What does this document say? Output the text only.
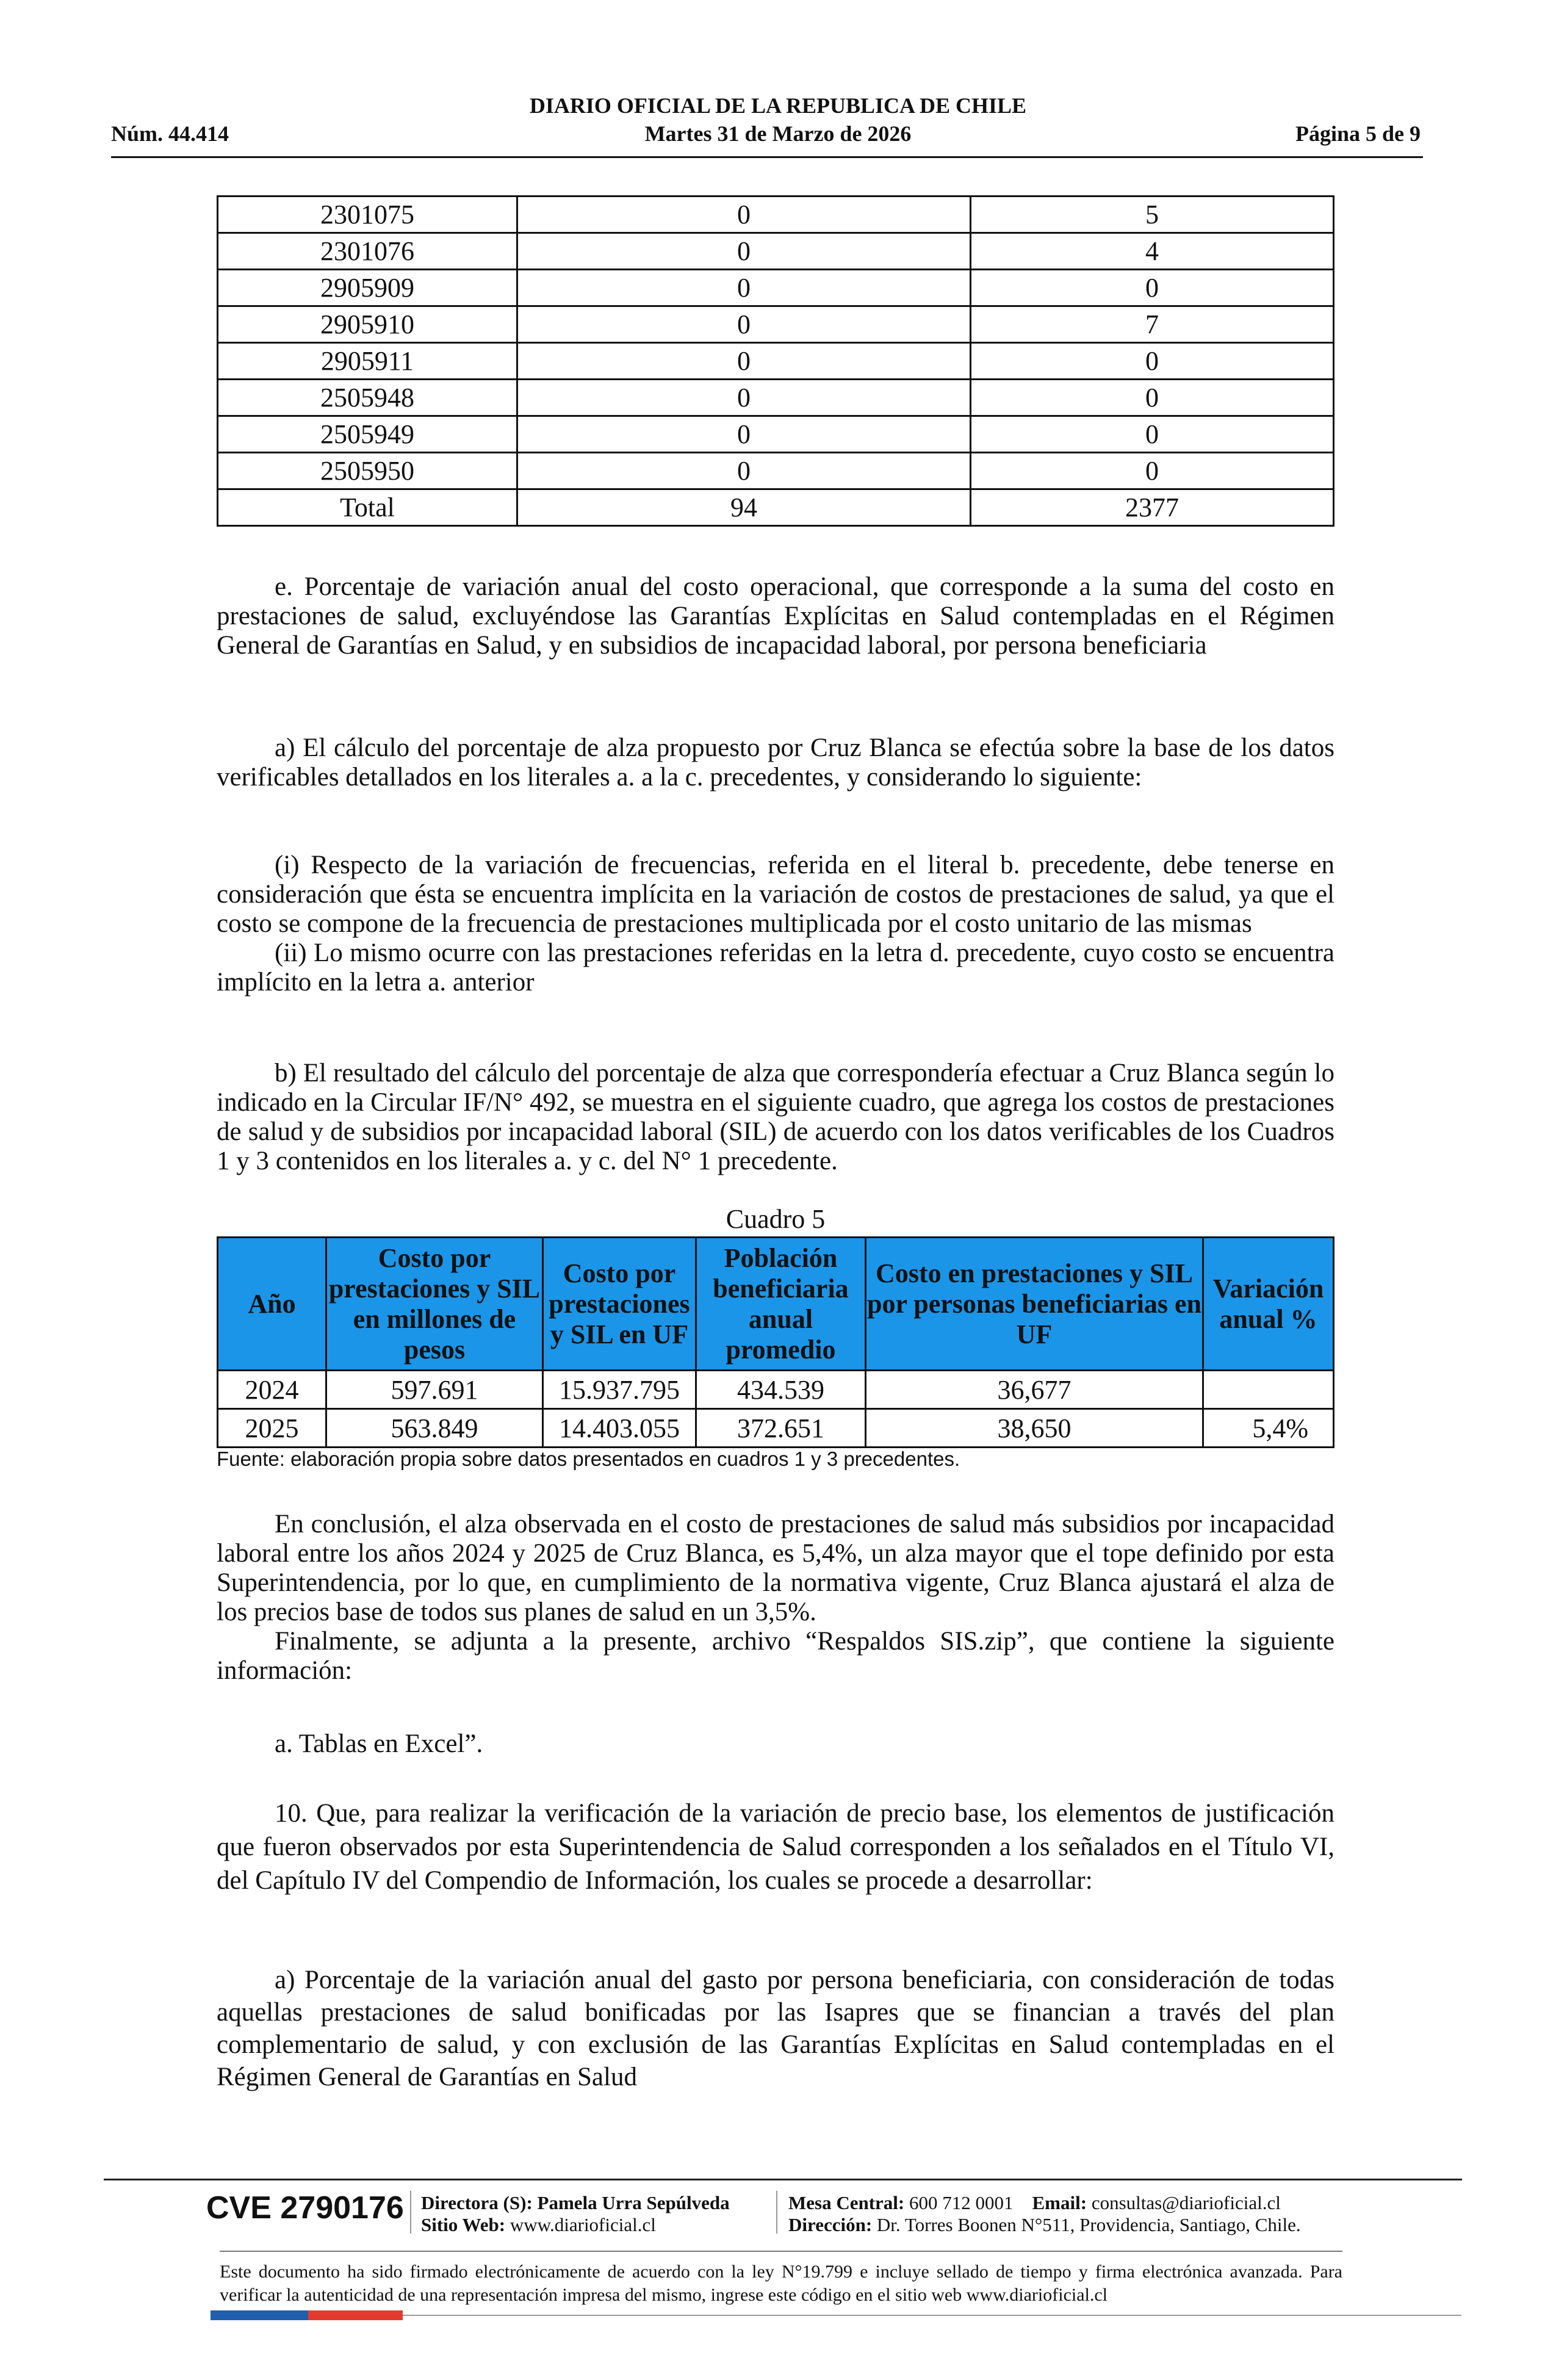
DIARIO OFICIAL DE LA REPUBLICA DE CHILE
Núm. 44.414	Martes 31 de Marzo de 2026	Página 5 de 9
2301075	0	5
2301076	0	4
2905909	0	0
2905910	0	7
2905911	0	0
2505948	0	0
2505949	0	0
2505950	0	0
Total	94	2377

e. Porcentaje de variación anual del costo operacional, que corresponde a la suma del costo en prestaciones de salud, excluyéndose las Garantías Explícitas en Salud contempladas en el Régimen General de Garantías en Salud, y en subsidios de incapacidad laboral, por persona beneficiaria

a) El cálculo del porcentaje de alza propuesto por Cruz Blanca se efectúa sobre la base de los datos verificables detallados en los literales a. a la c. precedentes, y considerando lo siguiente:

(i) Respecto de la variación de frecuencias, referida en el literal b. precedente, debe tenerse en consideración que ésta se encuentra implícita en la variación de costos de prestaciones de salud, ya que el costo se compone de la frecuencia de prestaciones multiplicada por el costo unitario de las mismas

(ii) Lo mismo ocurre con las prestaciones referidas en la letra d. precedente, cuyo costo se encuentra implícito en la letra a. anterior

b) El resultado del cálculo del porcentaje de alza que correspondería efectuar a Cruz Blanca según lo indicado en la Circular IF/N° 492, se muestra en el siguiente cuadro, que agrega los costos de prestaciones de salud y de subsidios por incapacidad laboral (SIL) de acuerdo con los datos verificables de los Cuadros 1 y 3 contenidos en los literales a. y c. del N° 1 precedente.

Cuadro 5
Año	Costo por prestaciones y SIL en millones de pesos	Costo por prestaciones y SIL en UF	Población beneficiaria anual promedio	Costo en prestaciones y SIL por personas beneficiarias en UF	Variación anual %
2024	597.691	15.937.795	434.539	36,677	
2025	563.849	14.403.055	372.651	38,650	5,4%
Fuente: elaboración propia sobre datos presentados en cuadros 1 y 3 precedentes.

En conclusión, el alza observada en el costo de prestaciones de salud más subsidios por incapacidad laboral entre los años 2024 y 2025 de Cruz Blanca, es 5,4%, un alza mayor que el tope definido por esta Superintendencia, por lo que, en cumplimiento de la normativa vigente, Cruz Blanca ajustará el alza de los precios base de todos sus planes de salud en un 3,5%.

Finalmente, se adjunta a la presente, archivo “Respaldos SIS.zip”, que contiene la siguiente información:

a. Tablas en Excel”.

10. Que, para realizar la verificación de la variación de precio base, los elementos de justificación que fueron observados por esta Superintendencia de Salud corresponden a los señalados en el Título VI, del Capítulo IV del Compendio de Información, los cuales se procede a desarrollar:

a) Porcentaje de la variación anual del gasto por persona beneficiaria, con consideración de todas aquellas prestaciones de salud bonificadas por las Isapres que se financian a través del plan complementario de salud, y con exclusión de las Garantías Explícitas en Salud contempladas en el Régimen General de Garantías en Salud

CVE 2790176 Directora (S): Pamela Urra Sepúlveda
Sitio Web: www.diarioficial.cl
Mesa Central: 600 712 0001 Email: consultas@diarioficial.cl
Dirección: Dr. Torres Boonen N°511, Providencia, Santiago, Chile.
Este documento ha sido firmado electrónicamente de acuerdo con la ley N°19.799 e incluye sellado de tiempo y firma electrónica avanzada. Para verificar la autenticidad de una representación impresa del mismo, ingrese este código en el sitio web www.diarioficial.cl
